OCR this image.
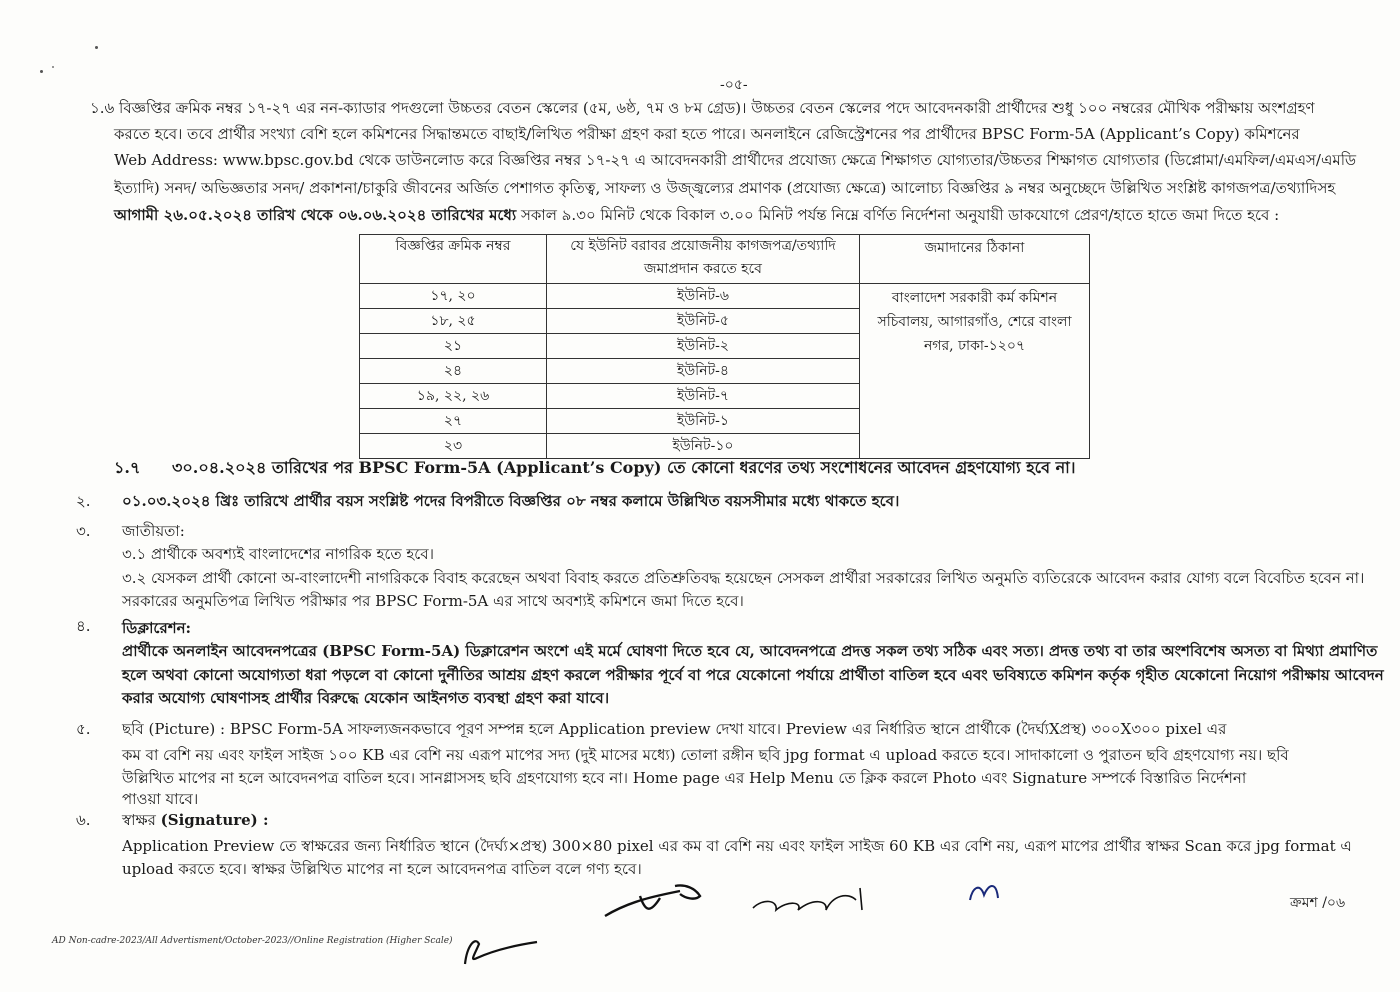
-০৫-
১.৬ বিজ্ঞপ্তির ক্রমিক নম্বর ১৭-২৭ এর নন-ক্যাডার পদগুলো উচ্চতর বেতন স্কেলের (৫ম, ৬ষ্ঠ, ৭ম ও ৮ম গ্রেড)। উচ্চতর বেতন স্কেলের পদে আবেদনকারী প্রার্থীদের শুধু ১০০ নম্বরের মৌখিক পরীক্ষায় অংশগ্রহণ
করতে হবে। তবে প্রার্থীর সংখ্যা বেশি হলে কমিশনের সিদ্ধান্তমতে বাছাই/লিখিত পরীক্ষা গ্রহণ করা হতে পারে। অনলাইনে রেজিস্ট্রেশনের পর প্রার্থীদের BPSC Form-5A (Applicant’s Copy) কমিশনের
Web Address: www.bpsc.gov.bd থেকে ডাউনলোড করে বিজ্ঞপ্তির নম্বর ১৭-২৭ এ আবেদনকারী প্রার্থীদের প্রযোজ্য ক্ষেত্রে শিক্ষাগত যোগ্যতার/উচ্চতর শিক্ষাগত যোগ্যতার (ডিপ্লোমা/এমফিল/এমএস/এমডি
ইত্যাদি) সনদ/ অভিজ্ঞতার সনদ/ প্রকাশনা/চাকুরি জীবনের অর্জিত পেশাগত কৃতিত্ব, সাফল্য ও উজ্জ্বল্যের প্রমাণক (প্রযোজ্য ক্ষেত্রে) আলোচ্য বিজ্ঞপ্তির ৯ নম্বর অনুচ্ছেদে উল্লিখিত সংশ্লিষ্ট কাগজপত্র/তথ্যাদিসহ
আগামী ২৬.০৫.২০২৪ তারিখ থেকে ০৬.০৬.২০২৪ তারিখের মধ্যে সকাল ৯.৩০ মিনিট থেকে বিকাল ৩.০০ মিনিট পর্যন্ত নিম্নে বর্ণিত নির্দেশনা অনুযায়ী ডাকযোগে প্রেরণ/হাতে হাতে জমা দিতে হবে :
বিজ্ঞপ্তির ক্রমিক নম্বর	যে ইউনিট বরাবর প্রয়োজনীয় কাগজপত্র/তথ্যাদি জমাপ্রদান করতে হবে	জমাদানের ঠিকানা
১৭, ২০	ইউনিট-৬	বাংলাদেশ সরকারী কর্ম কমিশন
সচিবালয়, আগারগাঁও, শেরে বাংলা
নগর, ঢাকা-১২০৭

১৮, ২৫	ইউনিট-৫	
২১	ইউনিট-২	
২৪	ইউনিট-৪	
১৯, ২২, ২৬	ইউনিট-৭	
২৭	ইউনিট-১	
২৩	ইউনিট-১০	
১.৭ ৩০.০৪.২০২৪ তারিখের পর BPSC Form-5A (Applicant’s Copy) তে কোনো ধরণের তথ্য সংশোধনের আবেদন গ্রহণযোগ্য হবে না।
২. ০১.০৩.২০২৪ খ্রিঃ তারিখে প্রার্থীর বয়স সংশ্লিষ্ট পদের বিপরীতে বিজ্ঞপ্তির ০৮ নম্বর কলামে উল্লিখিত বয়সসীমার মধ্যে থাকতে হবে।
৩. জাতীয়তা:
৩.১ প্রার্থীকে অবশ্যই বাংলাদেশের নাগরিক হতে হবে।
৩.২ যেসকল প্রার্থী কোনো অ-বাংলাদেশী নাগরিককে বিবাহ করেছেন অথবা বিবাহ করতে প্রতিশ্রুতিবদ্ধ হয়েছেন সেসকল প্রার্থীরা সরকারের লিখিত অনুমতি ব্যতিরেকে আবেদন করার যোগ্য বলে বিবেচিত হবেন না।
সরকারের অনুমতিপত্র লিখিত পরীক্ষার পর BPSC Form-5A এর সাথে অবশ্যই কমিশনে জমা দিতে হবে।
৪. ডিক্লারেশন:
প্রার্থীকে অনলাইন আবেদনপত্রের (BPSC Form-5A) ডিক্লারেশন অংশে এই মর্মে ঘোষণা দিতে হবে যে, আবেদনপত্রে প্রদত্ত সকল তথ্য সঠিক এবং সত্য। প্রদত্ত তথ্য বা তার অংশবিশেষ অসত্য বা মিথ্যা প্রমাণিত
হলে অথবা কোনো অযোগ্যতা ধরা পড়লে বা কোনো দুর্নীতির আশ্রয় গ্রহণ করলে পরীক্ষার পূর্বে বা পরে যেকোনো পর্যায়ে প্রার্থীতা বাতিল হবে এবং ভবিষ্যতে কমিশন কর্তৃক গৃহীত যেকোনো নিয়োগ পরীক্ষায় আবেদন
করার অযোগ্য ঘোষণাসহ প্রার্থীর বিরুদ্ধে যেকোন আইনগত ব্যবস্থা গ্রহণ করা যাবে।
৫. ছবি (Picture) : BPSC Form-5A সাফল্যজনকভাবে পূরণ সম্পন্ন হলে Application preview দেখা যাবে। Preview এর নির্ধারিত স্থানে প্রার্থীকে (দৈর্ঘ্যXপ্রস্থ) ৩০০X৩০০ pixel এর
কম বা বেশি নয় এবং ফাইল সাইজ ১০০ KB এর বেশি নয় এরূপ মাপের সদ্য (দুই মাসের মধ্যে) তোলা রঙ্গীন ছবি jpg format এ upload করতে হবে। সাদাকালো ও পুরাতন ছবি গ্রহণযোগ্য নয়। ছবি
উল্লিখিত মাপের না হলে আবেদনপত্র বাতিল হবে। সানগ্লাসসহ ছবি গ্রহণযোগ্য হবে না। Home page এর Help Menu তে ক্লিক করলে Photo এবং Signature সম্পর্কে বিস্তারিত নির্দেশনা
পাওয়া যাবে।
৬. স্বাক্ষর (Signature) :
Application Preview তে স্বাক্ষরের জন্য নির্ধারিত স্থানে (দৈর্ঘ্য×প্রস্থ) 300×80 pixel এর কম বা বেশি নয় এবং ফাইল সাইজ 60 KB এর বেশি নয়, এরূপ মাপের প্রার্থীর স্বাক্ষর Scan করে jpg format এ
upload করতে হবে। স্বাক্ষর উল্লিখিত মাপের না হলে আবেদনপত্র বাতিল বলে গণ্য হবে।
ক্রমশ /০৬
AD Non-cadre-2023/All Advertisment/October-2023//Online Registration (Higher Scale)
